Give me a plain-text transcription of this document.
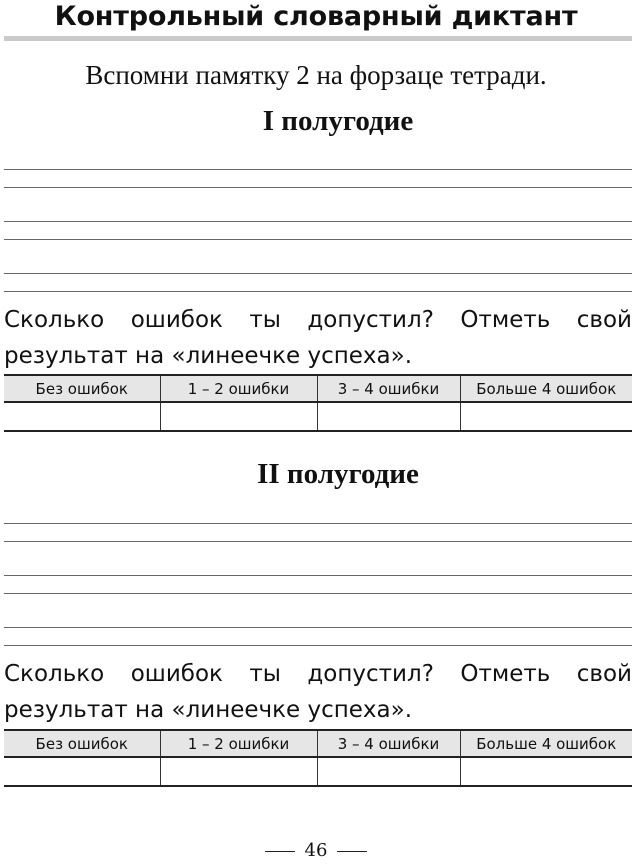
Контрольный словарный диктант
Вспомни памятку 2 на форзаце тетради.
I полугодие
Сколько ошибок ты допустил? Отметь свой
результат на «линеечке успеха».
Без ошибок	1 – 2 ошибки	3 – 4 ошибки	Больше 4 ошибок

II полугодие
Сколько ошибок ты допустил? Отметь свой
результат на «линеечке успеха».
Без ошибок	1 – 2 ошибки	3 – 4 ошибки	Больше 4 ошибок

46
